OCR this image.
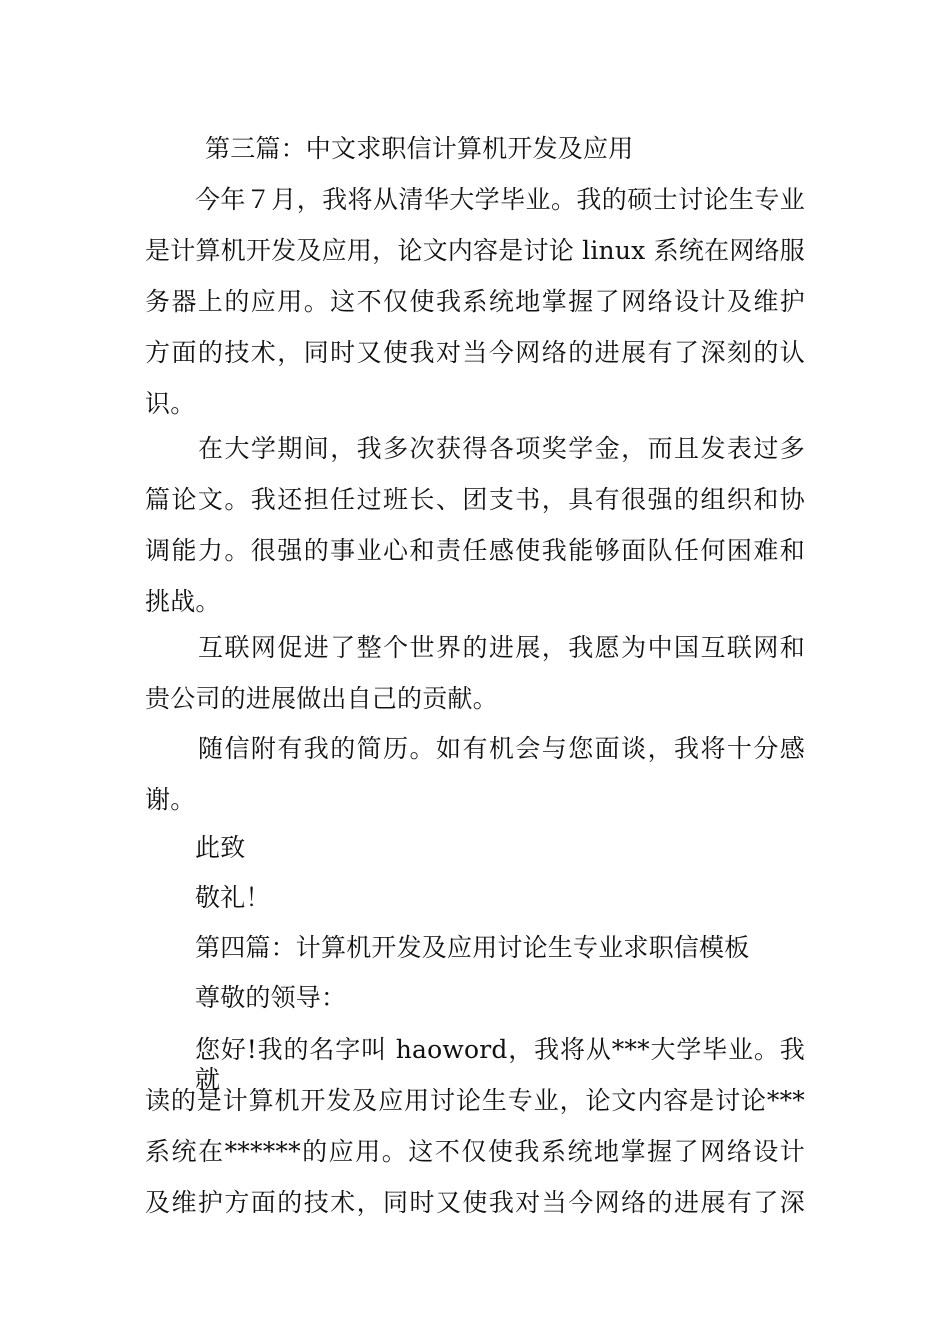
第三篇：中文求职信计算机开发及应用
今年７月，我将从清华大学毕业。我的硕士讨论生专业
是计算机开发及应用，论文内容是讨论 linux 系统在网络服
务器上的应用。这不仅使我系统地掌握了网络设计及维护
方面的技术，同时又使我对当今网络的进展有了深刻的认
识。
在大学期间，我多次获得各项奖学金，而且发表过多
篇论文。我还担任过班长、团支书，具有很强的组织和协
调能力。很强的事业心和责任感使我能够面队任何困难和
挑战。
互联网促进了整个世界的进展，我愿为中国互联网和
贵公司的进展做出自己的贡献。
随信附有我的简历。如有机会与您面谈，我将十分感
谢。
此致
敬礼！
第四篇：计算机开发及应用讨论生专业求职信模板
尊敬的领导：
您好!我的名字叫 haoword，我将从***大学毕业。我就
读的是计算机开发及应用讨论生专业，论文内容是讨论***
系统在******的应用。这不仅使我系统地掌握了网络设计
及维护方面的技术，同时又使我对当今网络的进展有了深
